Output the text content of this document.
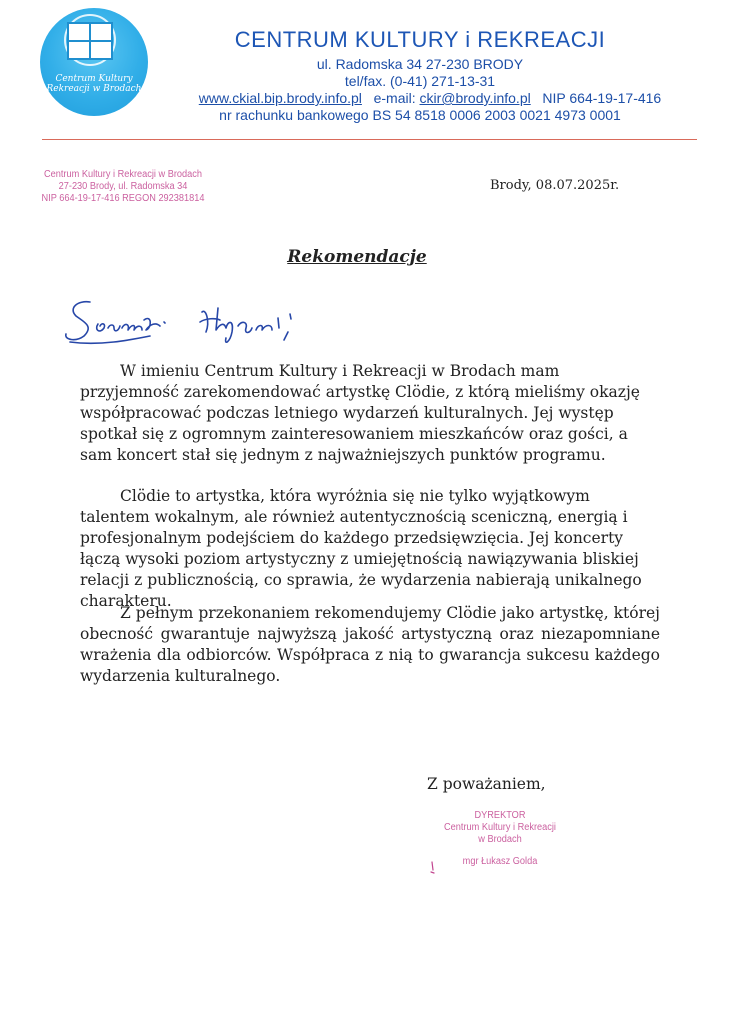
Centrum Kultury Rekreacji w Brodach
CENTRUM KULTURY i REKREACJI
ul. Radomska 34 27-230 BRODY
tel/fax. (0-41) 271-13-31
www.ckial.bip.brody.info.pl e-mail: ckir@brody.info.pl NIP 664-19-17-416
nr rachunku bankowego BS 54 8518 0006 2003 0021 4973 0001
Centrum Kultury i Rekreacji w Brodach
27-230 Brody, ul. Radomska 34
NIP 664-19-17-416 REGON 292381814
Brody, 08.07.2025r.
Rekomendacje
W imieniu Centrum Kultury i Rekreacji w Brodach mam przyjemność zarekomendować artystkę Clödie, z którą mieliśmy okazję współpracować podczas letniego wydarzeń kulturalnych. Jej występ spotkał się z ogromnym zainteresowaniem mieszkańców oraz gości, a sam koncert stał się jednym z najważniejszych punktów programu.
Clödie to artystka, która wyróżnia się nie tylko wyjątkowym talentem wokalnym, ale również autentycznością sceniczną, energią i profesjonalnym podejściem do każdego przedsięwzięcia. Jej koncerty łączą wysoki poziom artystyczny z umiejętnością nawiązywania bliskiej relacji z publicznością, co sprawia, że wydarzenia nabierają unikalnego charakteru.
Z pełnym przekonaniem rekomendujemy Clödie jako artystkę, której obecność gwarantuje najwyższą jakość artystyczną oraz niezapomniane wrażenia dla odbiorców. Współpraca z nią to gwarancja sukcesu każdego wydarzenia kulturalnego.
Z poważaniem,
DYREKTOR
Centrum Kultury i Rekreacji
w Brodach
mgr Łukasz Golda
